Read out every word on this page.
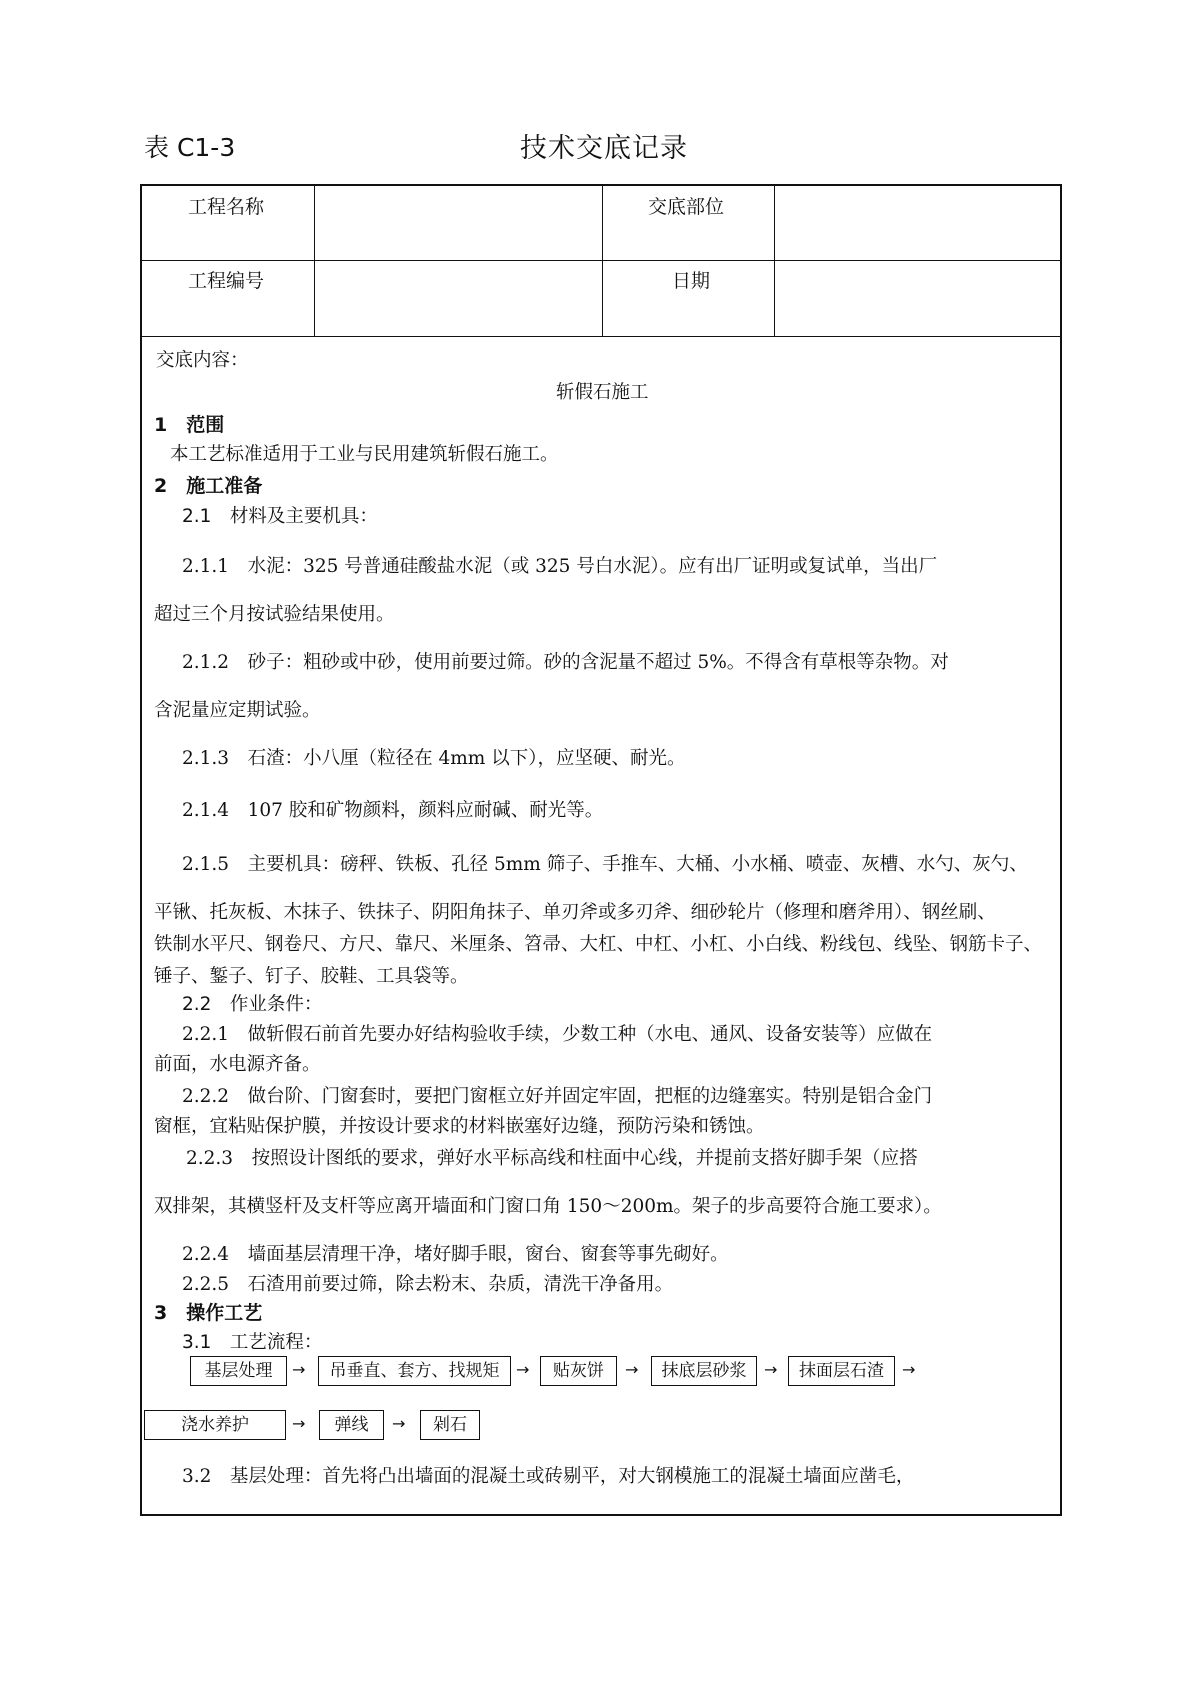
表 C1-3	技术交底记录
工程名称	交底部位
工程编号	日期
交底内容：
斩假石施工
1　范围
本工艺标准适用于工业与民用建筑斩假石施工。
2　施工准备
2.1　材料及主要机具：
2.1.1　水泥：325 号普通硅酸盐水泥（或 325 号白水泥）。应有出厂证明或复试单，当出厂
超过三个月按试验结果使用。
2.1.2　砂子：粗砂或中砂，使用前要过筛。砂的含泥量不超过 5%。不得含有草根等杂物。对
含泥量应定期试验。
2.1.3　石渣：小八厘（粒径在 4mm 以下），应坚硬、耐光。
2.1.4　107 胶和矿物颜料，颜料应耐碱、耐光等。
2.1.5　主要机具：磅秤、铁板、孔径 5mm 筛子、手推车、大桶、小水桶、喷壶、灰槽、水勺、灰勺、
平锹、托灰板、木抹子、铁抹子、阴阳角抹子、单刃斧或多刃斧、细砂轮片（修理和磨斧用）、钢丝刷、
铁制水平尺、钢卷尺、方尺、靠尺、米厘条、笤帚、大杠、中杠、小杠、小白线、粉线包、线坠、钢筋卡子、
锤子、錾子、钉子、胶鞋、工具袋等。
2.2　作业条件：
2.2.1　做斩假石前首先要办好结构验收手续，少数工种（水电、通风、设备安装等）应做在
前面，水电源齐备。
2.2.2　做台阶、门窗套时，要把门窗框立好并固定牢固，把框的边缝塞实。特别是铝合金门
窗框，宜粘贴保护膜，并按设计要求的材料嵌塞好边缝，预防污染和锈蚀。
2.2.3　按照设计图纸的要求，弹好水平标高线和柱面中心线，并提前支搭好脚手架（应搭
双排架，其横竖杆及支杆等应离开墙面和门窗口角 150～200m。架子的步高要符合施工要求）。
2.2.4　墙面基层清理干净，堵好脚手眼，窗台、窗套等事先砌好。
2.2.5　石渣用前要过筛，除去粉末、杂质，清洗干净备用。
3　操作工艺
3.1　工艺流程：
基层处理	→	吊垂直、套方、找规矩	→	贴灰饼	→	抹底层砂浆	→	抹面层石渣	→
浇水养护	→	弹线	→	剁石
3.2　基层处理：首先将凸出墙面的混凝土或砖剔平，对大钢模施工的混凝土墙面应凿毛，
